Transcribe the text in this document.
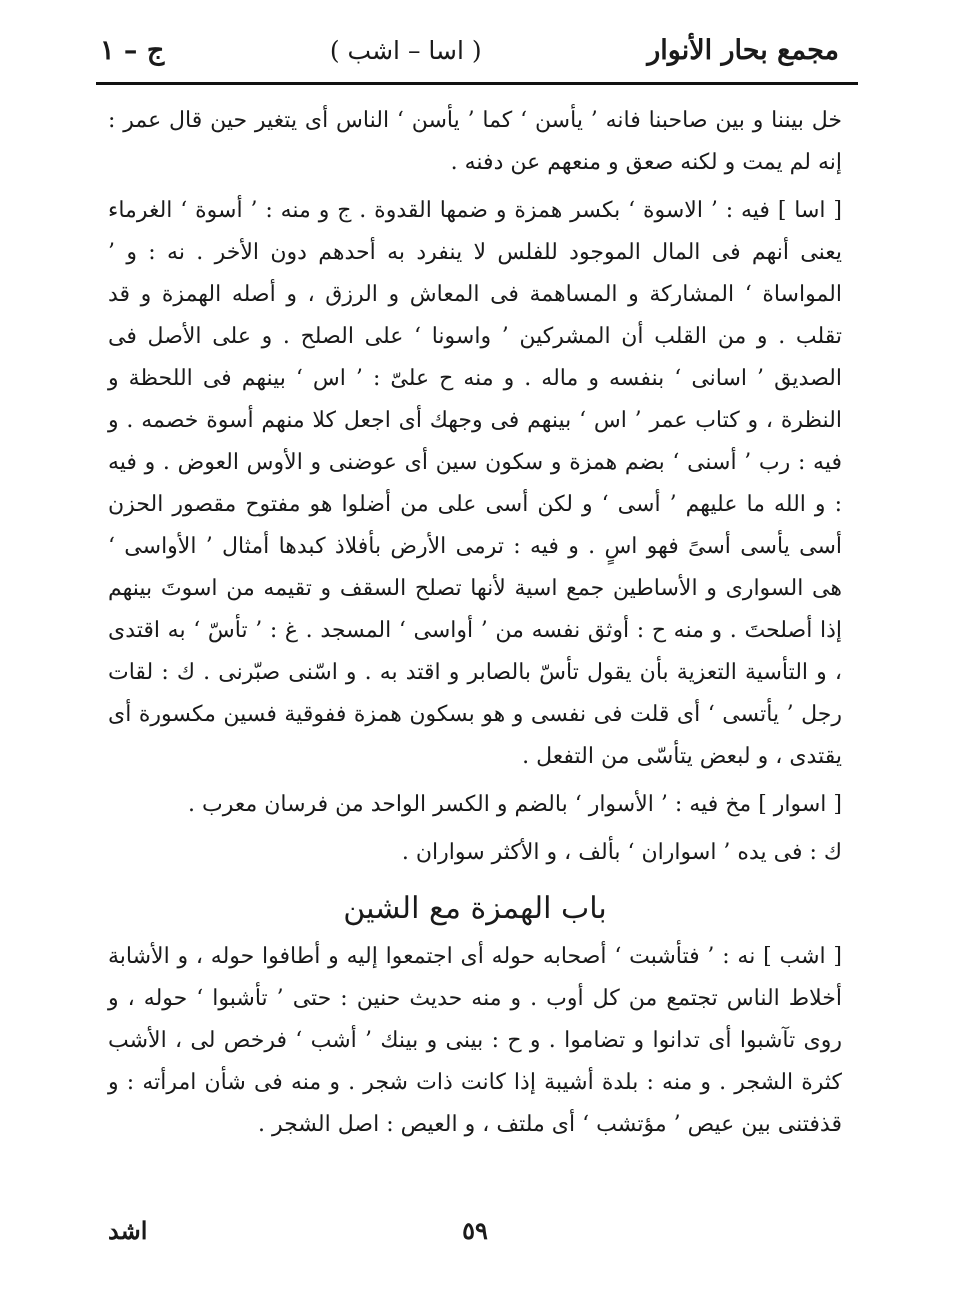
مجمع بحار الأنوار
( اسا – اشب )
ج – ١

خل بيننا و بين صاحبنا فانه ’ يأسن ‘ كما ’ يأسن ‘ الناس أى يتغير حين قال عمر : إنه لم يمت و لكنه صعق و منعهم عن دفنه .

[ اسا ] فيه : ’ الاسوة ‘ بكسر همزة و ضمها القدوة . ج و منه : ’ أسوة ‘ الغرماء يعنى أنهم فى المال الموجود للفلس لا ينفرد به أحدهم دون الأخر . نه : و ’ المواساة ‘ المشاركة و المساهمة فى المعاش و الرزق ، و أصله الهمزة و قد تقلب . و من القلب أن المشركين ’ واسونا ‘ على الصلح . و على الأصل فى الصديق ’ اسانى ‘ بنفسه و ماله . و منه ح علىّ : ’ اس ‘ بينهم فى اللحظة و النظرة ، و كتاب عمر ’ اس ‘ بينهم فى وجهك أى اجعل كلا منهم أسوة خصمه . و فيه : رب ’ أسنى ‘ بضم همزة و سكون سين أى عوضنى و الأوس العوض . و فيه : و الله ما عليهم ’ أسى ‘ و لكن أسى على من أضلوا هو مفتوح مقصور الحزن أسى يأسى أسىً فهو اسٍ . و فيه : ترمى الأرض بأفلاذ كبدها أمثال ’ الأواسى ‘ هى السوارى و الأساطين جمع اسية لأنها تصلح السقف و تقيمه من اسوتَ بينهم إذا أصلحتَ . و منه ح : أوثق نفسه من ’ أواسى ‘ المسجد . غ : ’ تأسّ ‘ به اقتدى ، و التأسية التعزية بأن يقول تأسّ بالصابر و اقتد به . و اسّنى صبّرنى . ك : لقات رجل ’ يأتسى ‘ أى قلت فى نفسى و هو بسكون همزة ففوقية فسين مكسورة أى يقتدى ، و لبعض يتأسّى من التفعل .

[ اسوار ] مخ فيه : ’ الأسوار ‘ بالضم و الكسر الواحد من فرسان معرب .

ك : فى يده ’ اسواران ‘ بألف ، و الأكثر سواران .

باب الهمزة مع الشين

[ اشب ] نه : ’ فتأشبت ‘ أصحابه حوله أى اجتمعوا إليه و أطافوا حوله ، و الأشابة أخلاط الناس تجتمع من كل أوب . و منه حديث حنين : حتى ’ تأشبوا ‘ حوله ، و روى تآشبوا أى تدانوا و تضاموا . و ح : بينى و بينك ’ أشب ‘ فرخص لى ، الأشب كثرة الشجر . و منه : بلدة أشيبة إذا كانت ذات شجر . و منه فى شأن امرأته : و قذفتنى بين عيص ’ مؤتشب ‘ أى ملتف ، و العيص : اصل الشجر .

٥٩
اشد
